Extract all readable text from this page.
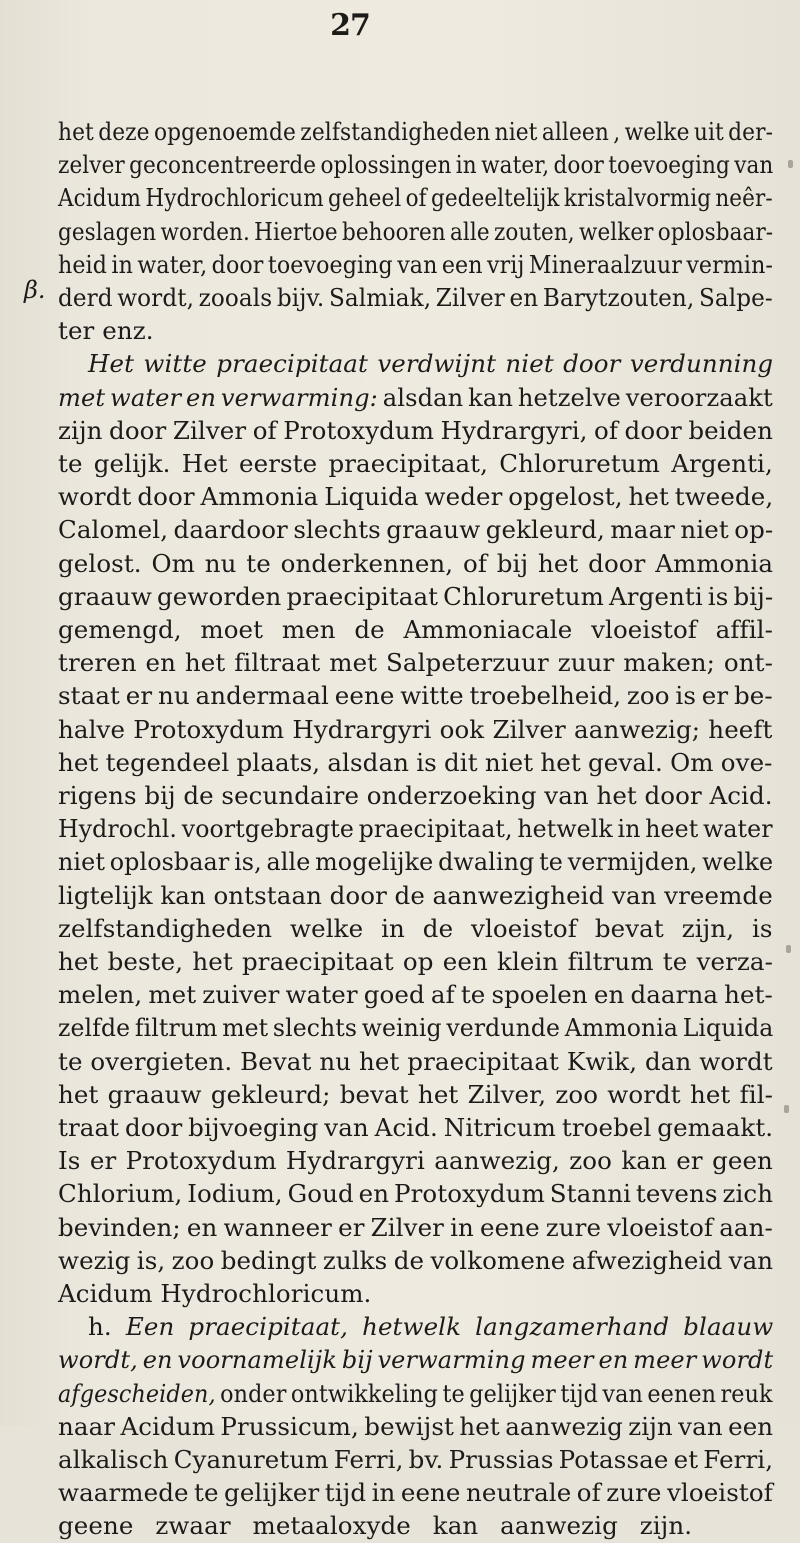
27
β.
het deze opgenoemde zelfstandigheden niet alleen , welke uit der-
zelver geconcentreerde oplossingen in water, door toevoeging van
Acidum Hydrochloricum geheel of gedeeltelijk kristalvormig neêr-
geslagen worden. Hiertoe behooren alle zouten, welker oplosbaar-
heid in water, door toevoeging van een vrij Mineraalzuur vermin-
derd wordt, zooals bijv. Salmiak, Zilver en Barytzouten, Salpe-
ter enz.
Het witte praecipitaat verdwijnt niet door verdunning
met water en verwarming: alsdan kan hetzelve veroorzaakt
zijn door Zilver of Protoxydum Hydrargyri, of door beiden
te gelijk. Het eerste praecipitaat, Chloruretum Argenti,
wordt door Ammonia Liquida weder opgelost, het tweede,
Calomel, daardoor slechts graauw gekleurd, maar niet op-
gelost. Om nu te onderkennen, of bij het door Ammonia
graauw geworden praecipitaat Chloruretum Argenti is bij-
gemengd, moet men de Ammoniacale vloeistof affil-
treren en het filtraat met Salpeterzuur zuur maken; ont-
staat er nu andermaal eene witte troebelheid, zoo is er be-
halve Protoxydum Hydrargyri ook Zilver aanwezig; heeft
het tegendeel plaats, alsdan is dit niet het geval. Om ove-
rigens bij de secundaire onderzoeking van het door Acid.
Hydrochl. voortgebragte praecipitaat, hetwelk in heet water
niet oplosbaar is, alle mogelijke dwaling te vermijden, welke
ligtelijk kan ontstaan door de aanwezigheid van vreemde
zelfstandigheden welke in de vloeistof bevat zijn, is
het beste, het praecipitaat op een klein filtrum te verza-
melen, met zuiver water goed af te spoelen en daarna het-
zelfde filtrum met slechts weinig verdunde Ammonia Liquida
te overgieten. Bevat nu het praecipitaat Kwik, dan wordt
het graauw gekleurd; bevat het Zilver, zoo wordt het fil-
traat door bijvoeging van Acid. Nitricum troebel gemaakt.
Is er Protoxydum Hydrargyri aanwezig, zoo kan er geen
Chlorium, Iodium, Goud en Protoxydum Stanni tevens zich
bevinden; en wanneer er Zilver in eene zure vloeistof aan-
wezig is, zoo bedingt zulks de volkomene afwezigheid van
Acidum Hydrochloricum.
h. Een praecipitaat, hetwelk langzamerhand blaauw
wordt, en voornamelijk bij verwarming meer en meer wordt
afgescheiden, onder ontwikkeling te gelijker tijd van eenen reuk
naar Acidum Prussicum, bewijst het aanwezig zijn van een
alkalisch Cyanuretum Ferri, bv. Prussias Potassae et Ferri,
waarmede te gelijker tijd in eene neutrale of zure vloeistof
geene zwaar metaaloxyde kan aanwezig zijn.
